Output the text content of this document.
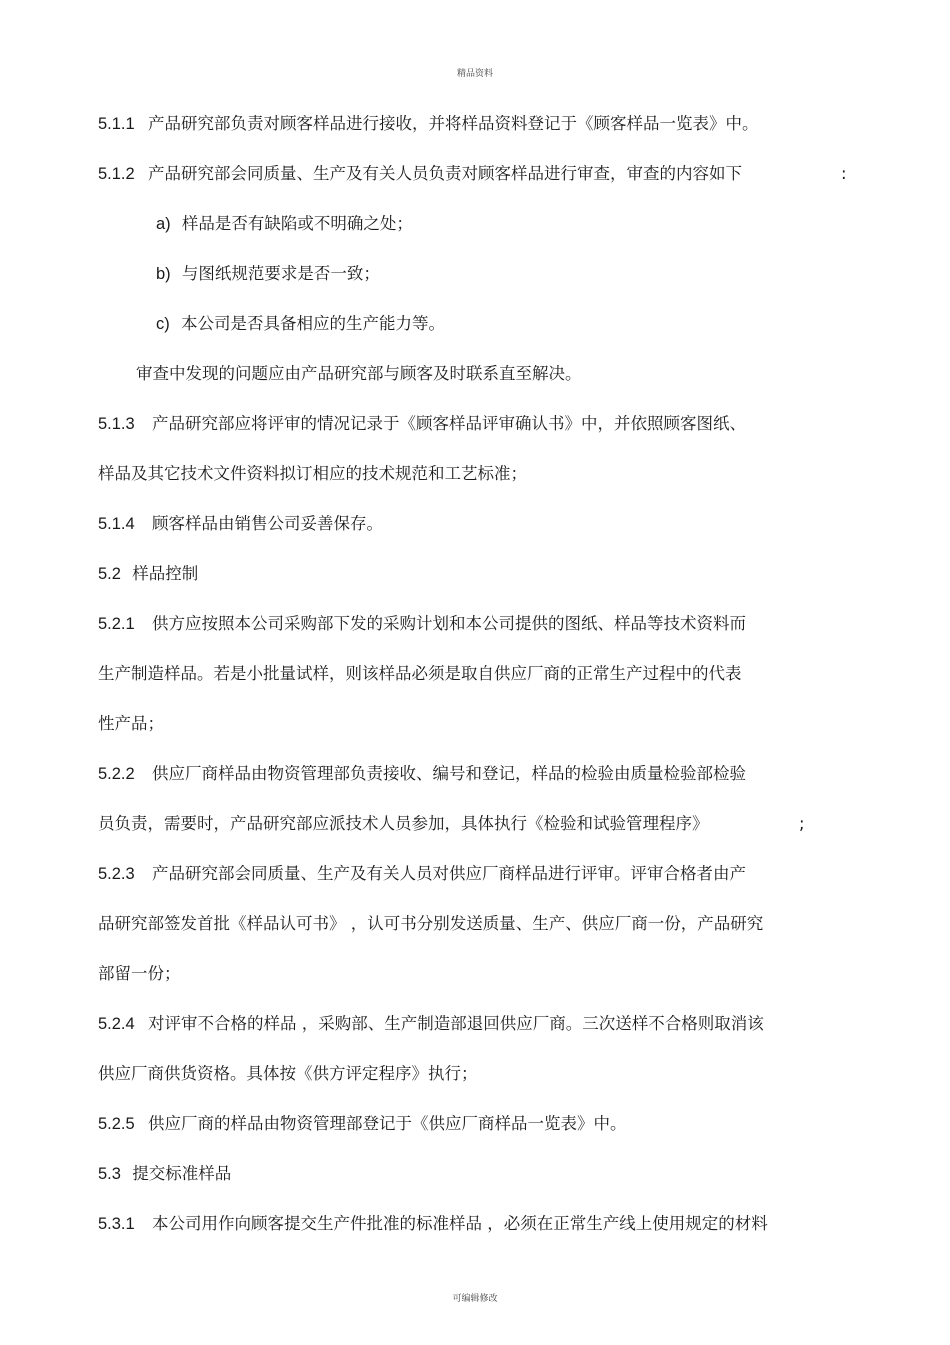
精品资料
5.1.1 产品研究部负责对顾客样品进行接收，并将样品资料登记于《顾客样品一览表》中。
5.1.2 产品研究部会同质量、生产及有关人员负责对顾客样品进行审查，审查的内容如下	:
a) 样品是否有缺陷或不明确之处；
b) 与图纸规范要求是否一致；
c) 本公司是否具备相应的生产能力等。
审查中发现的问题应由产品研究部与顾客及时联系直至解决。
5.1.3 产品研究部应将评审的情况记录于《顾客样品评审确认书》中，并依照顾客图纸、
样品及其它技术文件资料拟订相应的技术规范和工艺标准；
5.1.4 顾客样品由销售公司妥善保存。
5.2 样品控制
5.2.1 供方应按照本公司采购部下发的采购计划和本公司提供的图纸、样品等技术资料而
生产制造样品。若是小批量试样，则该样品必须是取自供应厂商的正常生产过程中的代表
性产品；
5.2.2 供应厂商样品由物资管理部负责接收、编号和登记，样品的检验由质量检验部检验
员负责，需要时，产品研究部应派技术人员参加，具体执行《检验和试验管理程序》	;
5.2.3 产品研究部会同质量、生产及有关人员对供应厂商样品进行评审。评审合格者由产
品研究部签发首批《样品认可书》 ，认可书分别发送质量、生产、供应厂商一份，产品研究
部留一份；
5.2.4 对评审不合格的样品 ，采购部、生产制造部退回供应厂商。三次送样不合格则取消该
供应厂商供货资格。具体按《供方评定程序》执行；
5.2.5 供应厂商的样品由物资管理部登记于《供应厂商样品一览表》中。
5.3 提交标准样品
5.3.1 本公司用作向顾客提交生产件批准的标准样品 ，必须在正常生产线上使用规定的材料
可编辑修改
